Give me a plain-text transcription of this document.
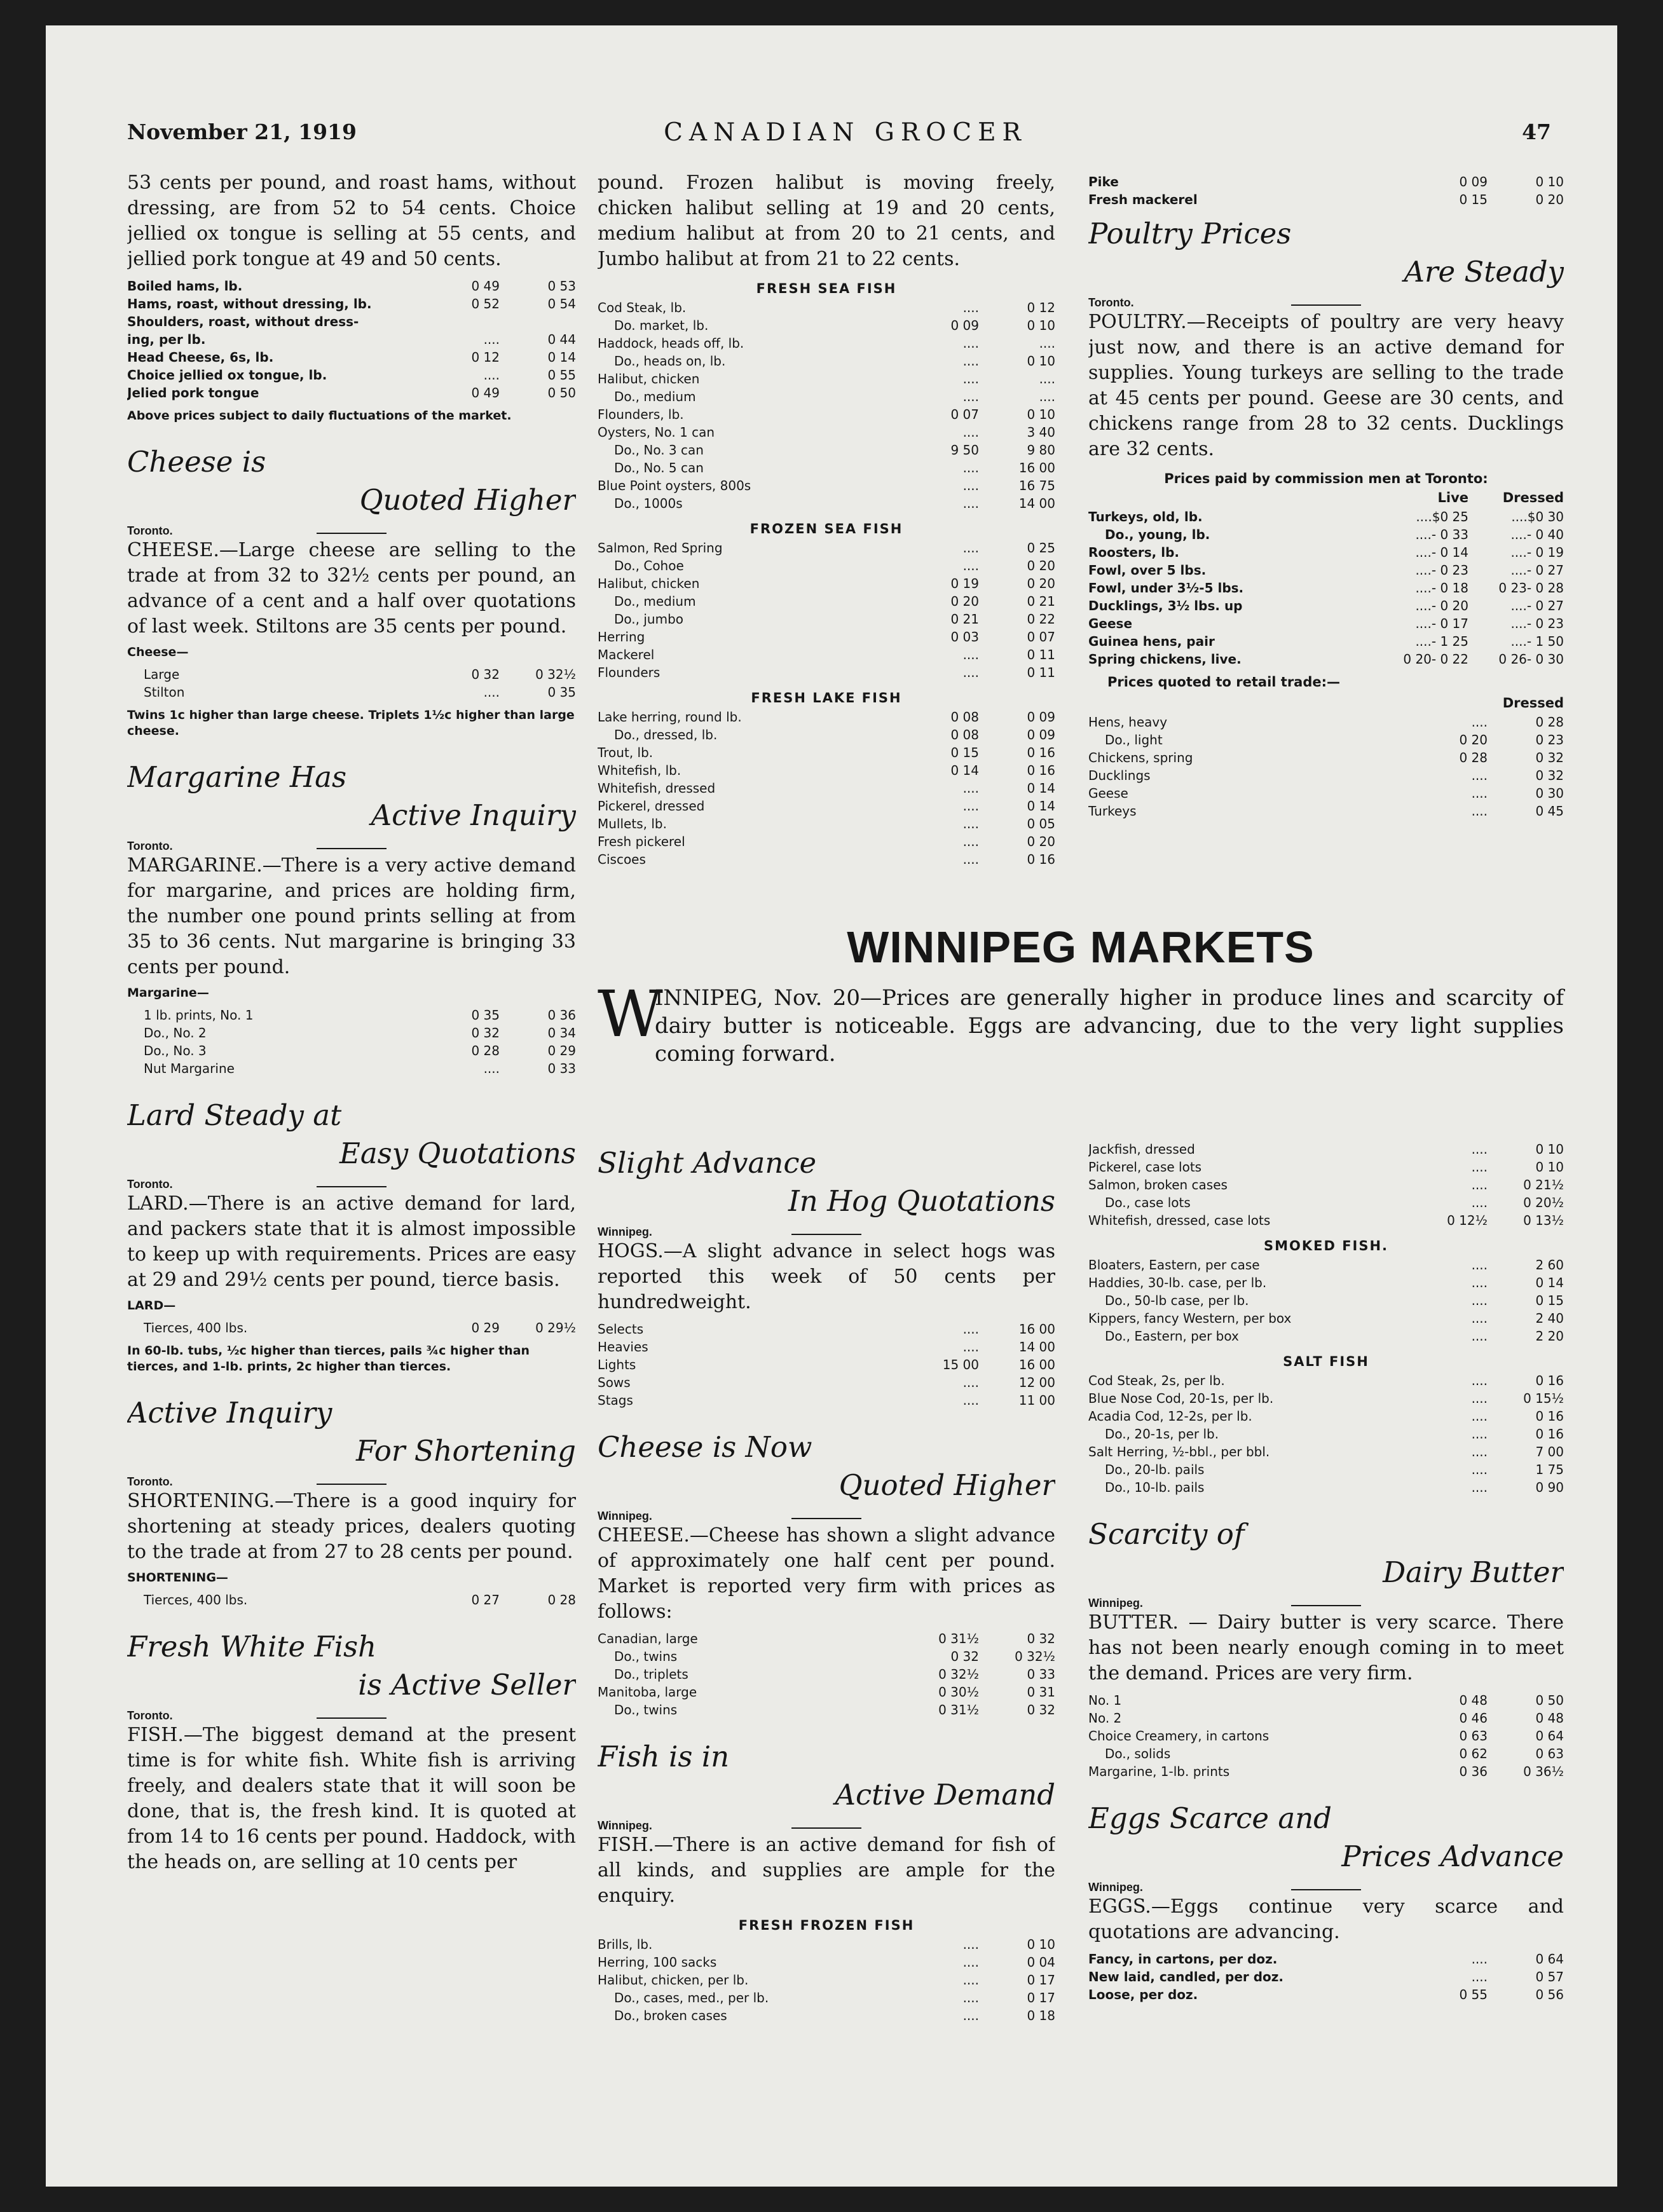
November 21, 1919	CANADIAN GROCER	47

53 cents per pound, and roast hams, without dressing, are from 52 to 54 cents. Choice jellied ox tongue is selling at 55 cents, and jellied pork tongue at 49 and 50 cents.

Boiled hams, lb.	0 49	0 53
Hams, roast, without dressing, lb.	0 52	0 54
Shoulders, roast, without dress-
ing, per lb.	....	0 44
Head Cheese, 6s, lb.	0 12	0 14
Choice jellied ox tongue, lb.	....	0 55
Jelied pork tongue	0 49	0 50
Above prices subject to daily fluctuations of the market.
Cheese is
Quoted Higher
Toronto.

CHEESE.—Large cheese are selling to the trade at from 32 to 32½ cents per pound, an advance of a cent and a half over quotations of last week. Stiltons are 35 cents per pound.

Cheese—
Large	0 32	0 32½
Stilton	....	0 35
Twins 1c higher than large cheese. Triplets 1½c higher than large cheese.
Margarine Has
Active Inquiry
Toronto.

MARGARINE.—There is a very active demand for margarine, and prices are holding firm, the number one pound prints selling at from 35 to 36 cents. Nut margarine is bringing 33 cents per pound.

Margarine—
1 lb. prints, No. 1	0 35	0 36
Do., No. 2	0 32	0 34
Do., No. 3	0 28	0 29
Nut Margarine	....	0 33
Lard Steady at
Easy Quotations
Toronto.

LARD.—There is an active demand for lard, and packers state that it is almost impossible to keep up with requirements. Prices are easy at 29 and 29½ cents per pound, tierce basis.

LARD—
Tierces, 400 lbs.	0 29	0 29½
In 60-lb. tubs, ½c higher than tierces, pails ¾c higher than tierces, and 1-lb. prints, 2c higher than tierces.
Active Inquiry
For Shortening
Toronto.

SHORTENING.—There is a good inquiry for shortening at steady prices, dealers quoting to the trade at from 27 to 28 cents per pound.

SHORTENING—
Tierces, 400 lbs.	0 27	0 28
Fresh White Fish
is Active Seller
Toronto.

FISH.—The biggest demand at the present time is for white fish. White fish is arriving freely, and dealers state that it will soon be done, that is, the fresh kind. It is quoted at from 14 to 16 cents per pound. Haddock, with the heads on, are selling at 10 cents per

pound. Frozen halibut is moving freely, chicken halibut selling at 19 and 20 cents, medium halibut at from 20 to 21 cents, and Jumbo halibut at from 21 to 22 cents.

FRESH SEA FISH
Cod Steak, lb.	....	0 12
Do. market, lb.	0 09	0 10
Haddock, heads off, lb.	....	....
Do., heads on, lb.	....	0 10
Halibut, chicken	....	....
Do., medium	....	....
Flounders, lb.	0 07	0 10
Oysters, No. 1 can	....	3 40
Do., No. 3 can	9 50	9 80
Do., No. 5 can	....	16 00
Blue Point oysters, 800s	....	16 75
Do., 1000s	....	14 00
FROZEN SEA FISH
Salmon, Red Spring	....	0 25
Do., Cohoe	....	0 20
Halibut, chicken	0 19	0 20
Do., medium	0 20	0 21
Do., jumbo	0 21	0 22
Herring	0 03	0 07
Mackerel	....	0 11
Flounders	....	0 11
FRESH LAKE FISH
Lake herring, round lb.	0 08	0 09
Do., dressed, lb.	0 08	0 09
Trout, lb.	0 15	0 16
Whitefish, lb.	0 14	0 16
Whitefish, dressed	....	0 14
Pickerel, dressed	....	0 14
Mullets, lb.	....	0 05
Fresh pickerel	....	0 20
Ciscoes	....	0 16
Pike	0 09	0 10
Fresh mackerel	0 15	0 20
Poultry Prices
Are Steady
Toronto.

POULTRY.—Receipts of poultry are very heavy just now, and there is an active demand for supplies. Young turkeys are selling to the trade at 45 cents per pound. Geese are 30 cents, and chickens range from 28 to 32 cents. Ducklings are 32 cents.

Prices paid by commission men at Toronto:
Live	Dressed
Turkeys, old, lb.	....$0 25	....$0 30
Do., young, lb.	....- 0 33	....- 0 40
Roosters, lb.	....- 0 14	....- 0 19
Fowl, over 5 lbs.	....- 0 23	....- 0 27
Fowl, under 3½-5 lbs.	....- 0 18	0 23- 0 28
Ducklings, 3½ lbs. up	....- 0 20	....- 0 27
Geese	....- 0 17	....- 0 23
Guinea hens, pair	....- 1 25	....- 1 50
Spring chickens, live.	0 20- 0 22	0 26- 0 30
Prices quoted to retail trade:—
Dressed
Hens, heavy	....	0 28
Do., light	0 20	0 23
Chickens, spring	0 28	0 32
Ducklings	....	0 32
Geese	....	0 30
Turkeys	....	0 45
WINNIPEG MARKETS
W
INNIPEG, Nov. 20—Prices are generally higher in produce lines and scarcity of dairy butter is noticeable. Eggs are advancing, due to the very light supplies coming forward.
Slight Advance
In Hog Quotations
Winnipeg.

HOGS.—A slight advance in select hogs was reported this week of 50 cents per hundredweight.

Selects	....	16 00
Heavies	....	14 00
Lights	15 00	16 00
Sows	....	12 00
Stags	....	11 00
Cheese is Now
Quoted Higher
Winnipeg.

CHEESE.—Cheese has shown a slight advance of approximately one half cent per pound. Market is reported very firm with prices as follows:

Canadian, large	0 31½	0 32
Do., twins	0 32	0 32½
Do., triplets	0 32½	0 33
Manitoba, large	0 30½	0 31
Do., twins	0 31½	0 32
Fish is in
Active Demand
Winnipeg.

FISH.—There is an active demand for fish of all kinds, and supplies are ample for the enquiry.

FRESH FROZEN FISH
Brills, lb.	....	0 10
Herring, 100 sacks	....	0 04
Halibut, chicken, per lb.	....	0 17
Do., cases, med., per lb.	....	0 17
Do., broken cases	....	0 18
Jackfish, dressed	....	0 10
Pickerel, case lots	....	0 10
Salmon, broken cases	....	0 21½
Do., case lots	....	0 20½
Whitefish, dressed, case lots	0 12½	0 13½
SMOKED FISH.
Bloaters, Eastern, per case	....	2 60
Haddies, 30-lb. case, per lb.	....	0 14
Do., 50-lb case, per lb.	....	0 15
Kippers, fancy Western, per box	....	2 40
Do., Eastern, per box	....	2 20
SALT FISH
Cod Steak, 2s, per lb.	....	0 16
Blue Nose Cod, 20-1s, per lb.	....	0 15½
Acadia Cod, 12-2s, per lb.	....	0 16
Do., 20-1s, per lb.	....	0 16
Salt Herring, ½-bbl., per bbl.	....	7 00
Do., 20-lb. pails	....	1 75
Do., 10-lb. pails	....	0 90
Scarcity of
Dairy Butter
Winnipeg.

BUTTER. — Dairy butter is very scarce. There has not been nearly enough coming in to meet the demand. Prices are very firm.

No. 1	0 48	0 50
No. 2	0 46	0 48
Choice Creamery, in cartons	0 63	0 64
Do., solids	0 62	0 63
Margarine, 1-lb. prints	0 36	0 36½
Eggs Scarce and
Prices Advance
Winnipeg.

EGGS.—Eggs continue very scarce and quotations are advancing.

Fancy, in cartons, per doz.	....	0 64
New laid, candled, per doz.	....	0 57
Loose, per doz.	0 55	0 56
